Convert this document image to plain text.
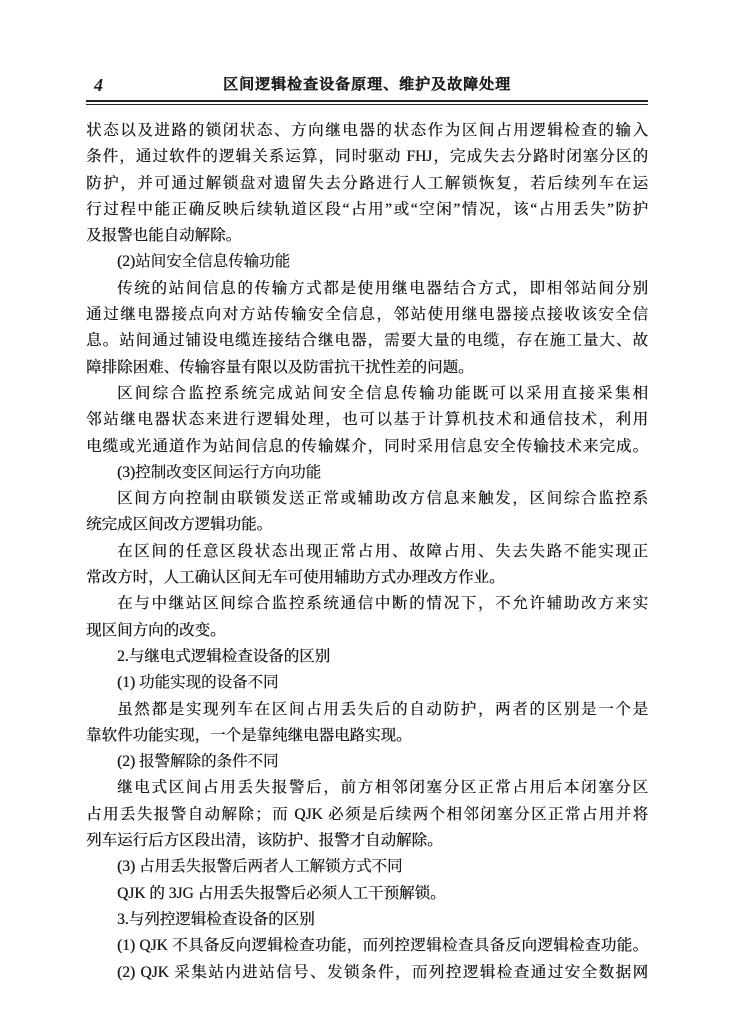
4	区间逻辑检查设备原理、维护及故障处理
状态以及进路的锁闭状态、方向继电器的状态作为区间占用逻辑检查的输入
条件，通过软件的逻辑关系运算，同时驱动 FHJ，完成失去分路时闭塞分区的
防护，并可通过解锁盘对遗留失去分路进行人工解锁恢复，若后续列车在运
行过程中能正确反映后续轨道区段“占用”或“空闲”情况，该“占用丢失”防护
及报警也能自动解除。
(2)站间安全信息传输功能
传统的站间信息的传输方式都是使用继电器结合方式，即相邻站间分别
通过继电器接点向对方站传输安全信息，邻站使用继电器接点接收该安全信
息。站间通过铺设电缆连接结合继电器，需要大量的电缆，存在施工量大、故
障排除困难、传输容量有限以及防雷抗干扰性差的问题。
区间综合监控系统完成站间安全信息传输功能既可以采用直接采集相
邻站继电器状态来进行逻辑处理，也可以基于计算机技术和通信技术，利用
电缆或光通道作为站间信息的传输媒介，同时采用信息安全传输技术来完成。
(3)控制改变区间运行方向功能
区间方向控制由联锁发送正常或辅助改方信息来触发，区间综合监控系
统完成区间改方逻辑功能。
在区间的任意区段状态出现正常占用、故障占用、失去失路不能实现正
常改方时，人工确认区间无车可使用辅助方式办理改方作业。
在与中继站区间综合监控系统通信中断的情况下，不允许辅助改方来实
现区间方向的改变。
2.与继电式逻辑检查设备的区别
(1) 功能实现的设备不同
虽然都是实现列车在区间占用丢失后的自动防护，两者的区别是一个是
靠软件功能实现，一个是靠纯继电器电路实现。
(2) 报警解除的条件不同
继电式区间占用丢失报警后，前方相邻闭塞分区正常占用后本闭塞分区
占用丢失报警自动解除；而 QJK 必须是后续两个相邻闭塞分区正常占用并将
列车运行后方区段出清，该防护、报警才自动解除。
(3) 占用丢失报警后两者人工解锁方式不同
QJK 的 3JG 占用丢失报警后必须人工干预解锁。
3.与列控逻辑检查设备的区别
(1) QJK 不具备反向逻辑检查功能，而列控逻辑检查具备反向逻辑检查功能。
(2) QJK 采集站内进站信号、发锁条件，而列控逻辑检查通过安全数据网
